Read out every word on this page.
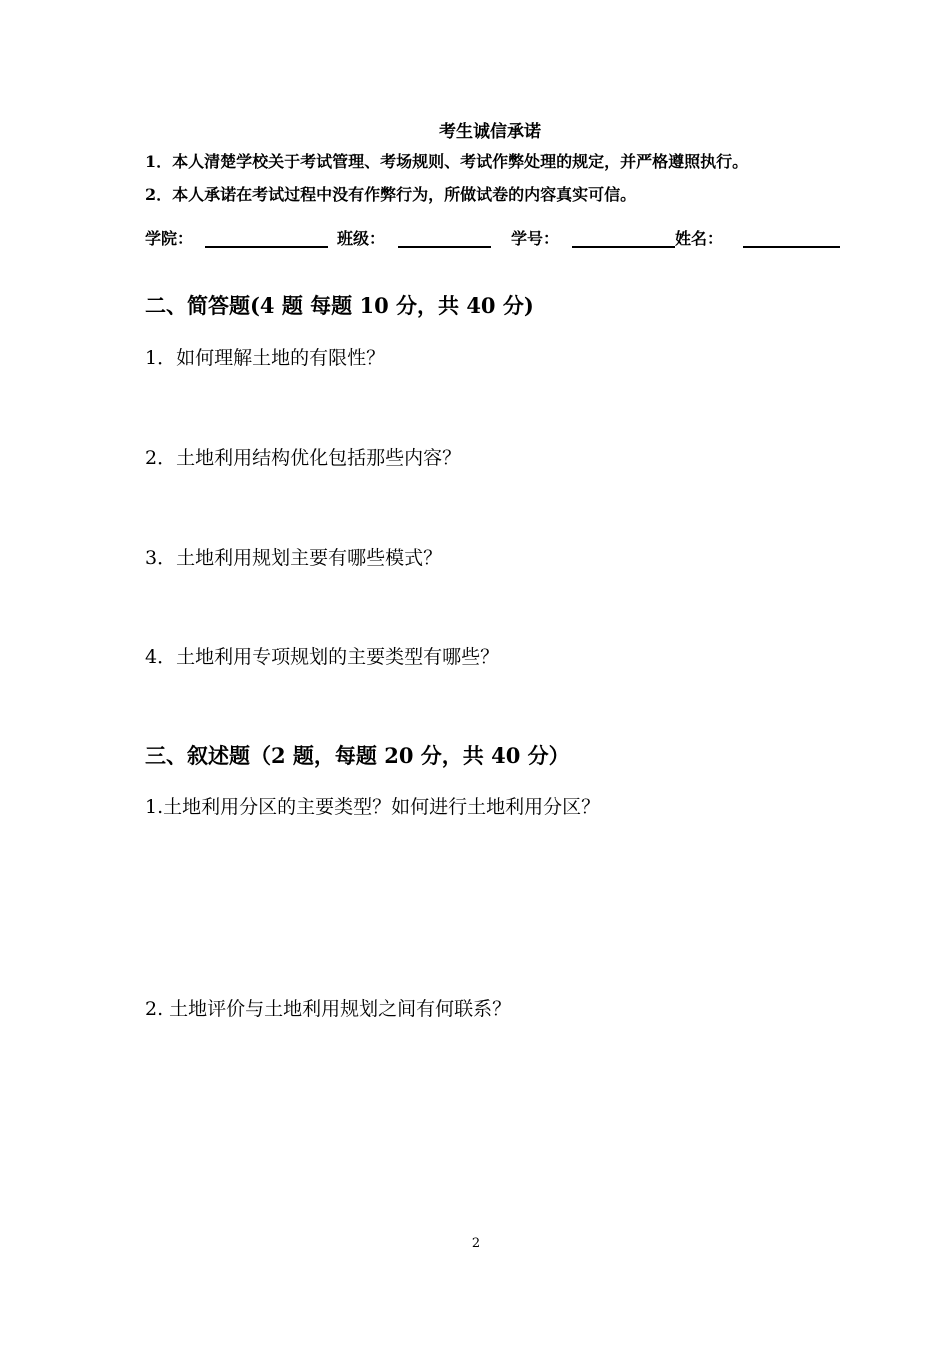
考生诚信承诺
1．本人清楚学校关于考试管理、考场规则、考试作弊处理的规定，并严格遵照执行。
2．本人承诺在考试过程中没有作弊行为，所做试卷的内容真实可信。
学院：	班级：	学号：	姓名：
二、简答题(4 题 每题 10 分，共 40 分)
1．如何理解土地的有限性？
2．土地利用结构优化包括那些内容？
3．土地利用规划主要有哪些模式？
4．土地利用专项规划的主要类型有哪些？
三、叙述题（2 题，每题 20 分，共 40 分）
1.土地利用分区的主要类型？如何进行土地利用分区？
2. 土地评价与土地利用规划之间有何联系？
2
